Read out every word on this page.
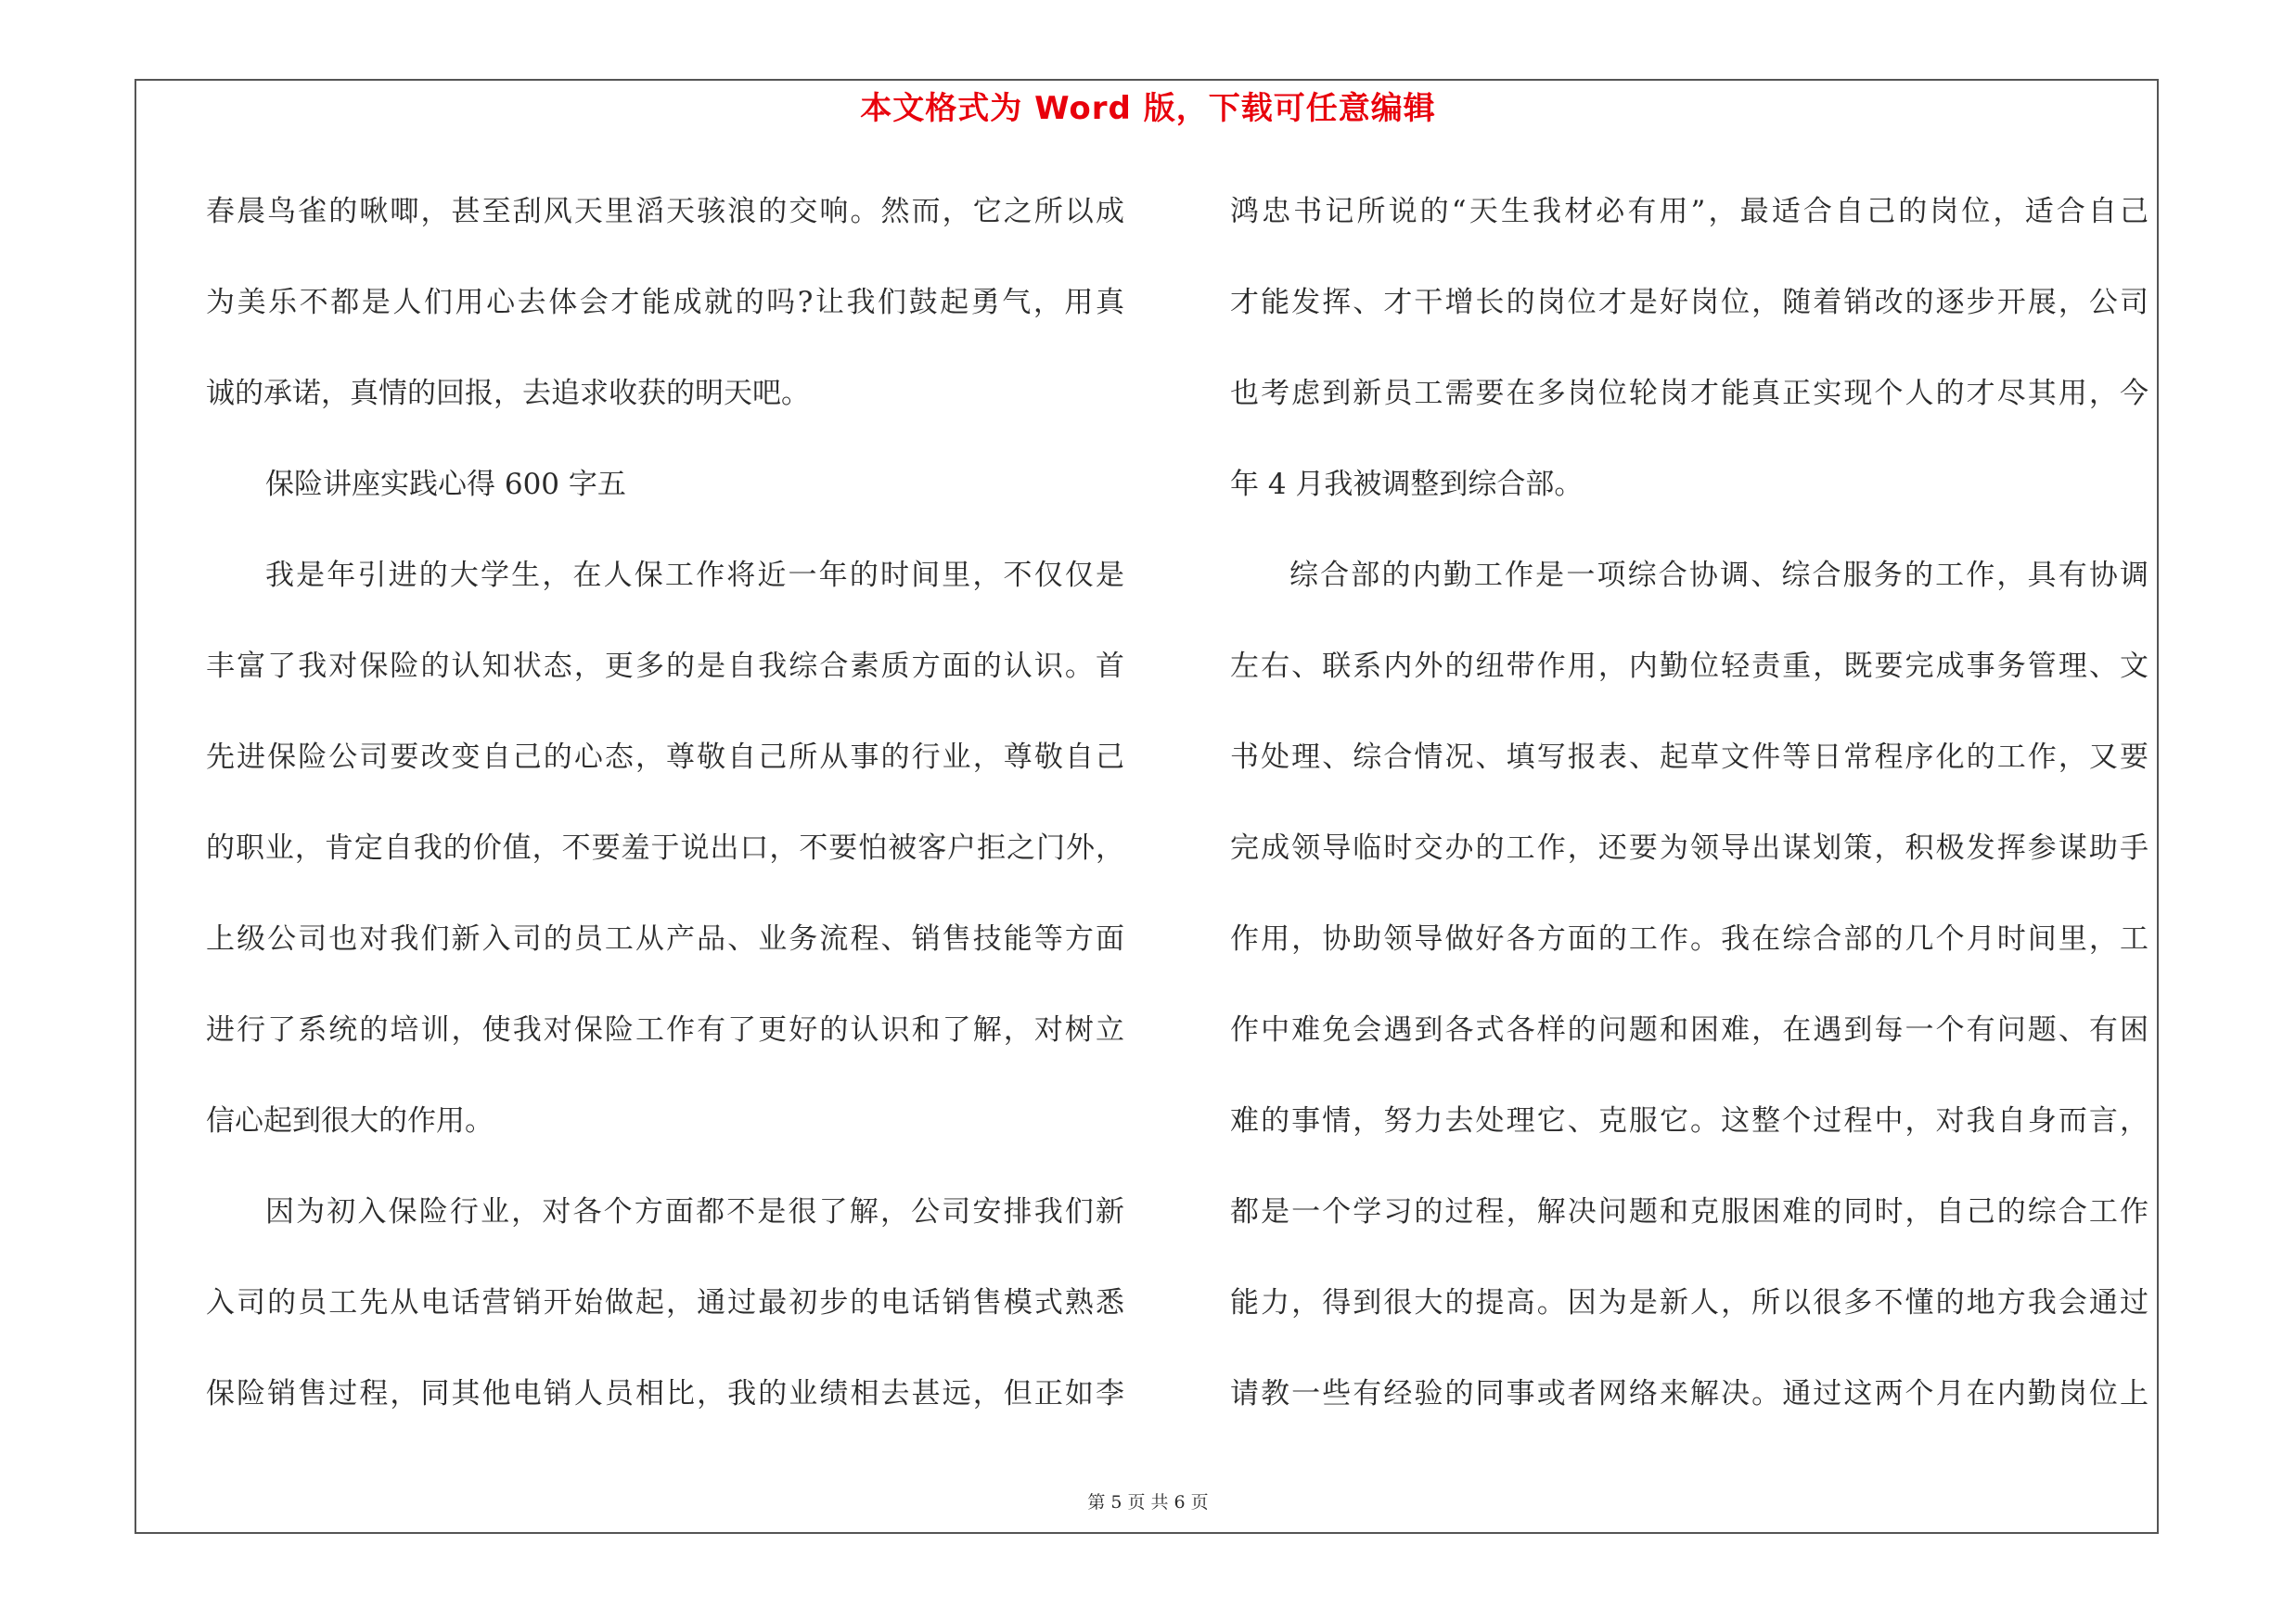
本文格式为 Word 版，下载可任意编辑
春晨鸟雀的啾唧，甚至刮风天里滔天骇浪的交响。然而，它之所以成
为美乐不都是人们用心去体会才能成就的吗?让我们鼓起勇气，用真
诚的承诺，真情的回报，去追求收获的明天吧。
保险讲座实践心得 600 字五
我是年引进的大学生，在人保工作将近一年的时间里，不仅仅是
丰富了我对保险的认知状态，更多的是自我综合素质方面的认识。首
先进保险公司要改变自己的心态，尊敬自己所从事的行业，尊敬自己
的职业，肯定自我的价值，不要羞于说出口，不要怕被客户拒之门外，
上级公司也对我们新入司的员工从产品、业务流程、销售技能等方面
进行了系统的培训，使我对保险工作有了更好的认识和了解，对树立
信心起到很大的作用。
因为初入保险行业，对各个方面都不是很了解，公司安排我们新
入司的员工先从电话营销开始做起，通过最初步的电话销售模式熟悉
保险销售过程，同其他电销人员相比，我的业绩相去甚远，但正如李
鸿忠书记所说的“天生我材必有用”，最适合自己的岗位，适合自己
才能发挥、才干增长的岗位才是好岗位，随着销改的逐步开展，公司
也考虑到新员工需要在多岗位轮岗才能真正实现个人的才尽其用，今
年 4 月我被调整到综合部。
综合部的内勤工作是一项综合协调、综合服务的工作，具有协调
左右、联系内外的纽带作用，内勤位轻责重，既要完成事务管理、文
书处理、综合情况、填写报表、起草文件等日常程序化的工作，又要
完成领导临时交办的工作，还要为领导出谋划策，积极发挥参谋助手
作用，协助领导做好各方面的工作。我在综合部的几个月时间里，工
作中难免会遇到各式各样的问题和困难，在遇到每一个有问题、有困
难的事情，努力去处理它、克服它。这整个过程中，对我自身而言，
都是一个学习的过程，解决问题和克服困难的同时，自己的综合工作
能力，得到很大的提高。因为是新人，所以很多不懂的地方我会通过
请教一些有经验的同事或者网络来解决。通过这两个月在内勤岗位上
第 5 页 共 6 页
